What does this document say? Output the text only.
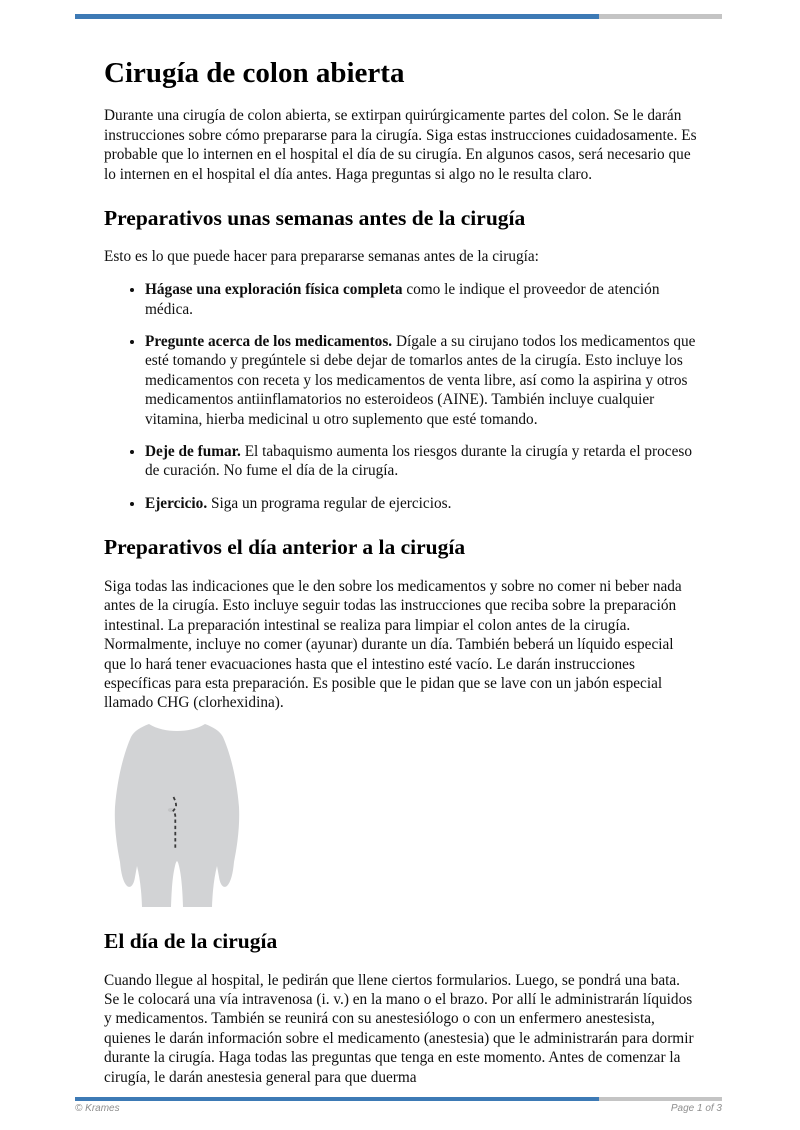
Cirugía de colon abierta

Durante una cirugía de colon abierta, se extirpan quirúrgicamente partes del colon. Se le darán instrucciones sobre cómo prepararse para la cirugía. Siga estas instrucciones cuidadosamente. Es probable que lo internen en el hospital el día de su cirugía. En algunos casos, será necesario que lo internen en el hospital el día antes. Haga preguntas si algo no le resulta claro.

Preparativos unas semanas antes de la cirugía

Esto es lo que puede hacer para prepararse semanas antes de la cirugía:

• Hágase una exploración física completa como le indique el proveedor de atención médica.
• Pregunte acerca de los medicamentos. Dígale a su cirujano todos los medicamentos que esté tomando y pregúntele si debe dejar de tomarlos antes de la cirugía. Esto incluye los medicamentos con receta y los medicamentos de venta libre, así como la aspirina y otros medicamentos antiinflamatorios no esteroideos (AINE). También incluye cualquier vitamina, hierba medicinal u otro suplemento que esté tomando.
• Deje de fumar. El tabaquismo aumenta los riesgos durante la cirugía y retarda el proceso de curación. No fume el día de la cirugía.
• Ejercicio. Siga un programa regular de ejercicios.
Preparativos el día anterior a la cirugía

Siga todas las indicaciones que le den sobre los medicamentos y sobre no comer ni beber nada antes de la cirugía. Esto incluye seguir todas las instrucciones que reciba sobre la preparación intestinal. La preparación intestinal se realiza para limpiar el colon antes de la cirugía. Normalmente, incluye no comer (ayunar) durante un día. También beberá un líquido especial que lo hará tener evacuaciones hasta que el intestino esté vacío. Le darán instrucciones específicas para esta preparación. Es posible que le pidan que se lave con un jabón especial llamado CHG (clorhexidina).

El día de la cirugía

Cuando llegue al hospital, le pedirán que llene ciertos formularios. Luego, se pondrá una bata. Se le colocará una vía intravenosa (i. v.) en la mano o el brazo. Por allí le administrarán líquidos y medicamentos. También se reunirá con su anestesiólogo o con un enfermero anestesista, quienes le darán información sobre el medicamento (anestesia) que le administrarán para dormir durante la cirugía. Haga todas las preguntas que tenga en este momento. Antes de comenzar la cirugía, le darán anestesia general para que duerma

© Krames	Page 1 of 3
